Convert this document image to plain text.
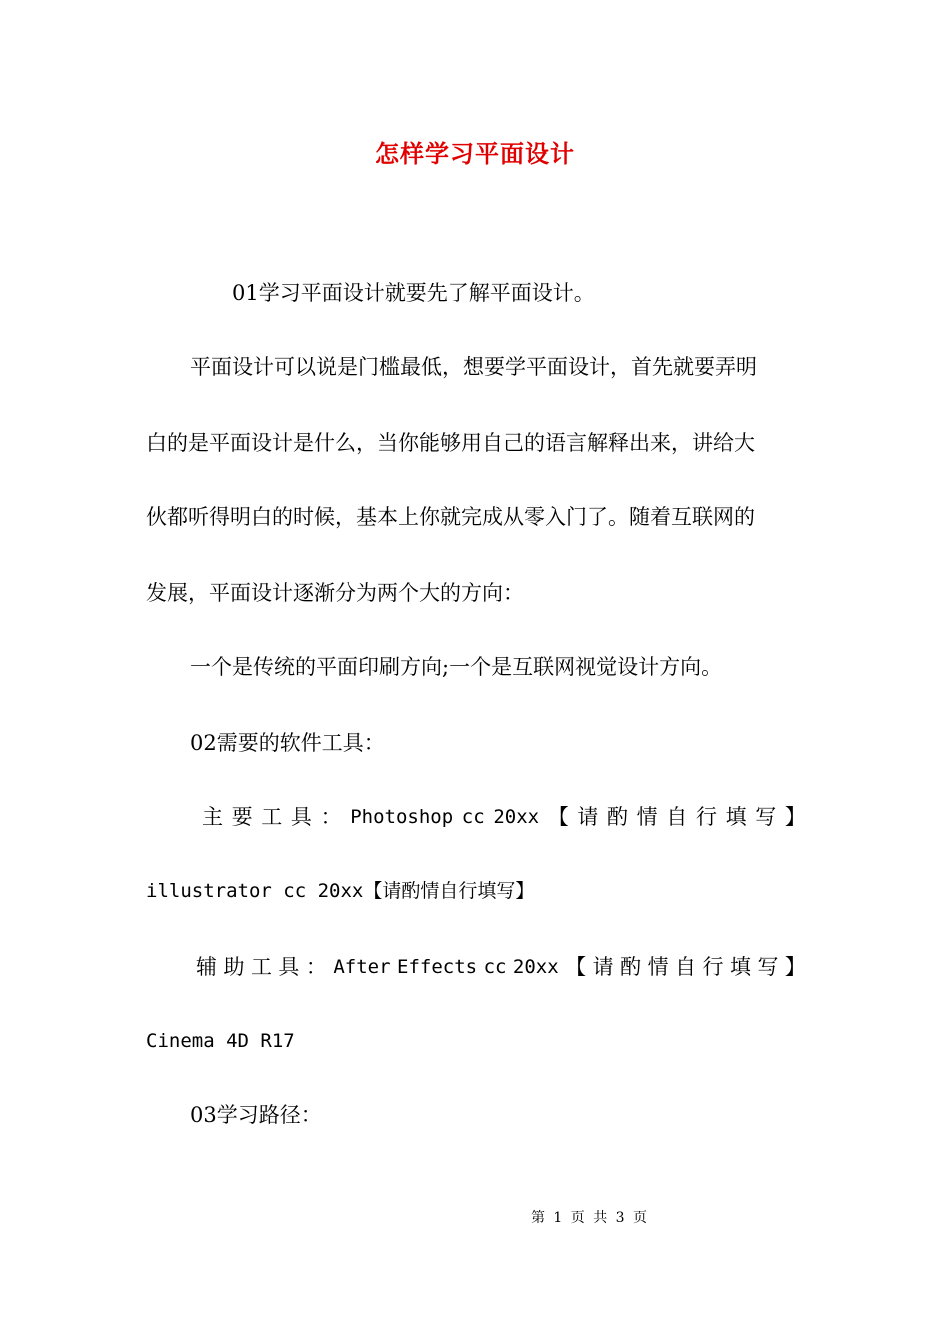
怎样学习平面设计
01学习平面设计就要先了解平面设计。
平面设计可以说是门槛最低，想要学平面设计，首先就要弄明
白的是平面设计是什么，当你能够用自己的语言解释出来，讲给大
伙都听得明白的时候，基本上你就完成从零入门了。随着互联网的
发展，平面设计逐渐分为两个大的方向：
一个是传统的平面印刷方向;一个是互联网视觉设计方向。
02需要的软件工具：
主 要 工 具 ： Photoshop cc 20xx 【 请 酌 情 自 行 填 写 】
illustrator cc 20xx【请酌情自行填写】
辅 助 工 具 ： After Effects cc 20xx 【 请 酌 情 自 行 填 写 】
Cinema 4D R17
03学习路径：
第 1 页 共 3 页
